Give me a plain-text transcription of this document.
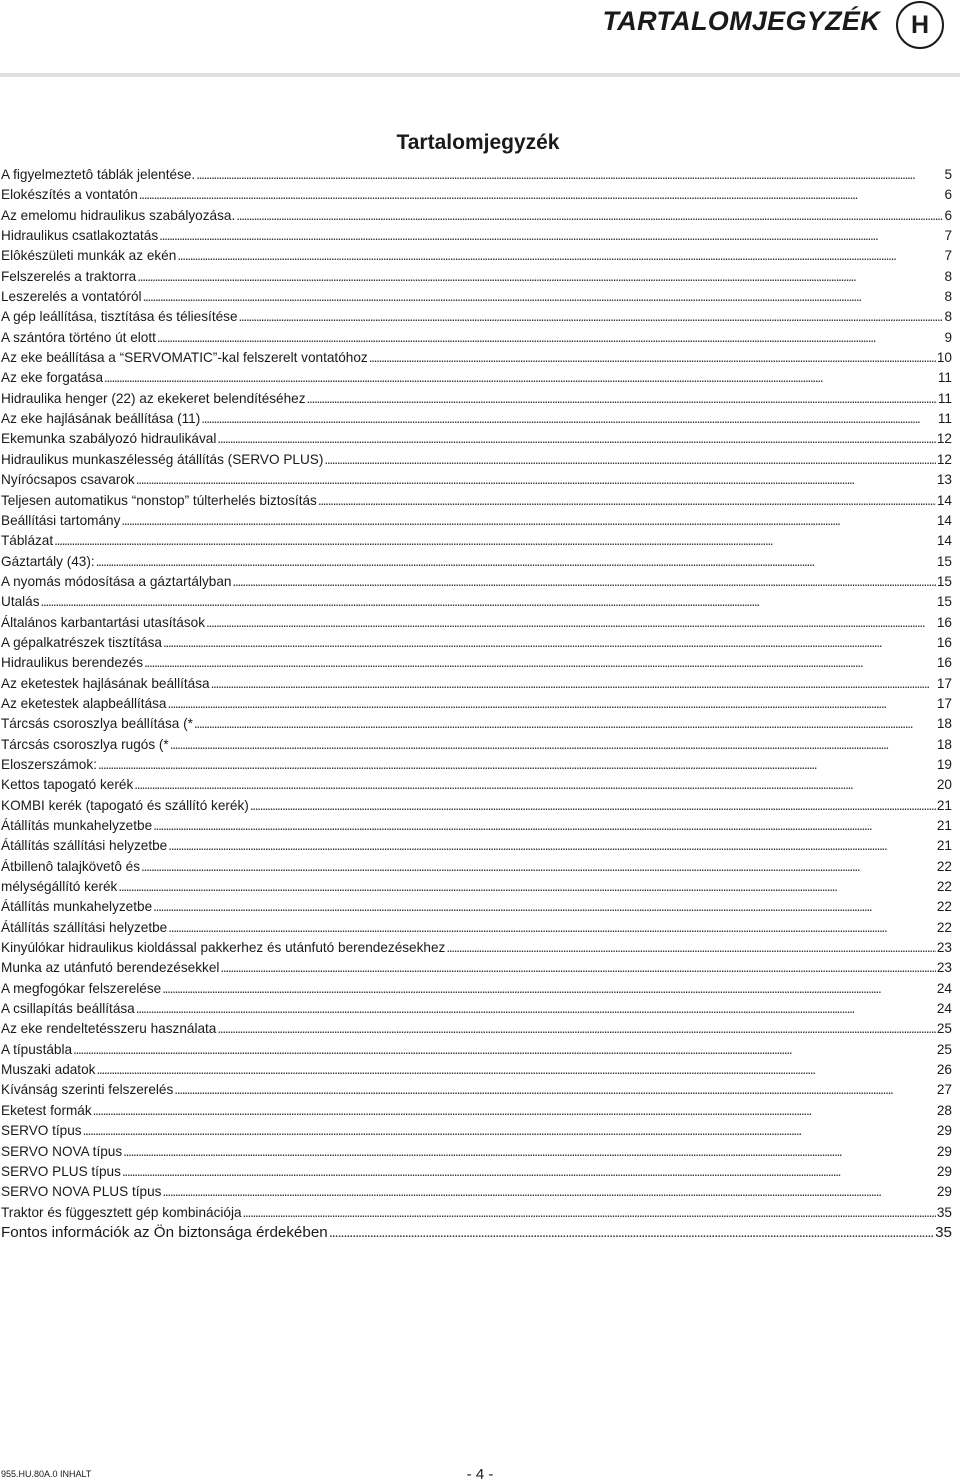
TARTALOMJEGYZÉK	H
Tartalomjegyzék
A figyelmeztetô táblák jelentése. .....	5
Elokészítés a vontatón .....	6
Az emelomu hidraulikus szabályozása. .....	6
Hidraulikus csatlakoztatás .....	7
Elôkészületi munkák az ekén .....	7
Felszerelés a traktorra .....	8
Leszerelés a vontatóról .....	8
A gép leállítása, tisztítása és téliesítése .....	8
A szántóra történo út elott .....	9
Az eke beállítása a “SERVOMATIC”-kal felszerelt vontatóhoz .....	10
Az eke forgatása .....	11
Hidraulika henger (22) az ekekeret belendítéséhez .....	11
Az eke hajlásának beállítása (11) .....	11
Ekemunka szabályozó hidraulikával .....	12
Hidraulikus munkaszélesség átállítás (SERVO PLUS) .....	12
Nyírócsapos csavarok .....	13
Teljesen automatikus “nonstop” túlterhelés biztosítás .....	14
Beállítási tartomány .....	14
Táblázat .....	14
Gáztartály (43): .....	15
A nyomás módosítása a gáztartályban .....	15
Utalás .....	15
Általános karbantartási utasítások .....	16
A gépalkatrészek tisztítása .....	16
Hidraulikus berendezés .....	16
Az eketestek hajlásának beállítása .....	17
Az eketestek alapbeállítása .....	17
Tárcsás csoroszlya beállítása (* .....	18
Tárcsás csoroszlya rugós (* .....	18
Eloszerszámok: .....	19
Kettos tapogató kerék .....	20
KOMBI kerék (tapogató és szállító kerék) .....	21
Átállítás munkahelyzetbe .....	21
Átállítás szállítási helyzetbe .....	21
Átbillenô talajkövetô és .....	22
mélységállító kerék .....	22
Átállítás munkahelyzetbe .....	22
Átállítás szállítási helyzetbe .....	22
Kinyúlókar hidraulikus kioldással pakkerhez és utánfutó berendezésekhez .....	23
Munka az utánfutó berendezésekkel .....	23
A megfogókar felszerelése .....	24
A csillapítás beállítása .....	24
Az eke rendeltetésszeru használata .....	25
A típustábla .....	25
Muszaki adatok .....	26
Kívánság szerinti felszerelés .....	27
Eketest formák .....	28
SERVO típus .....	29
SERVO NOVA típus .....	29
SERVO PLUS típus .....	29
SERVO NOVA PLUS típus .....	29
Traktor és függesztett gép kombinációja .....	35
Fontos információk az Ön biztonsága érdekében .....	35
955.HU.80A.0 INHALT	- 4 -
